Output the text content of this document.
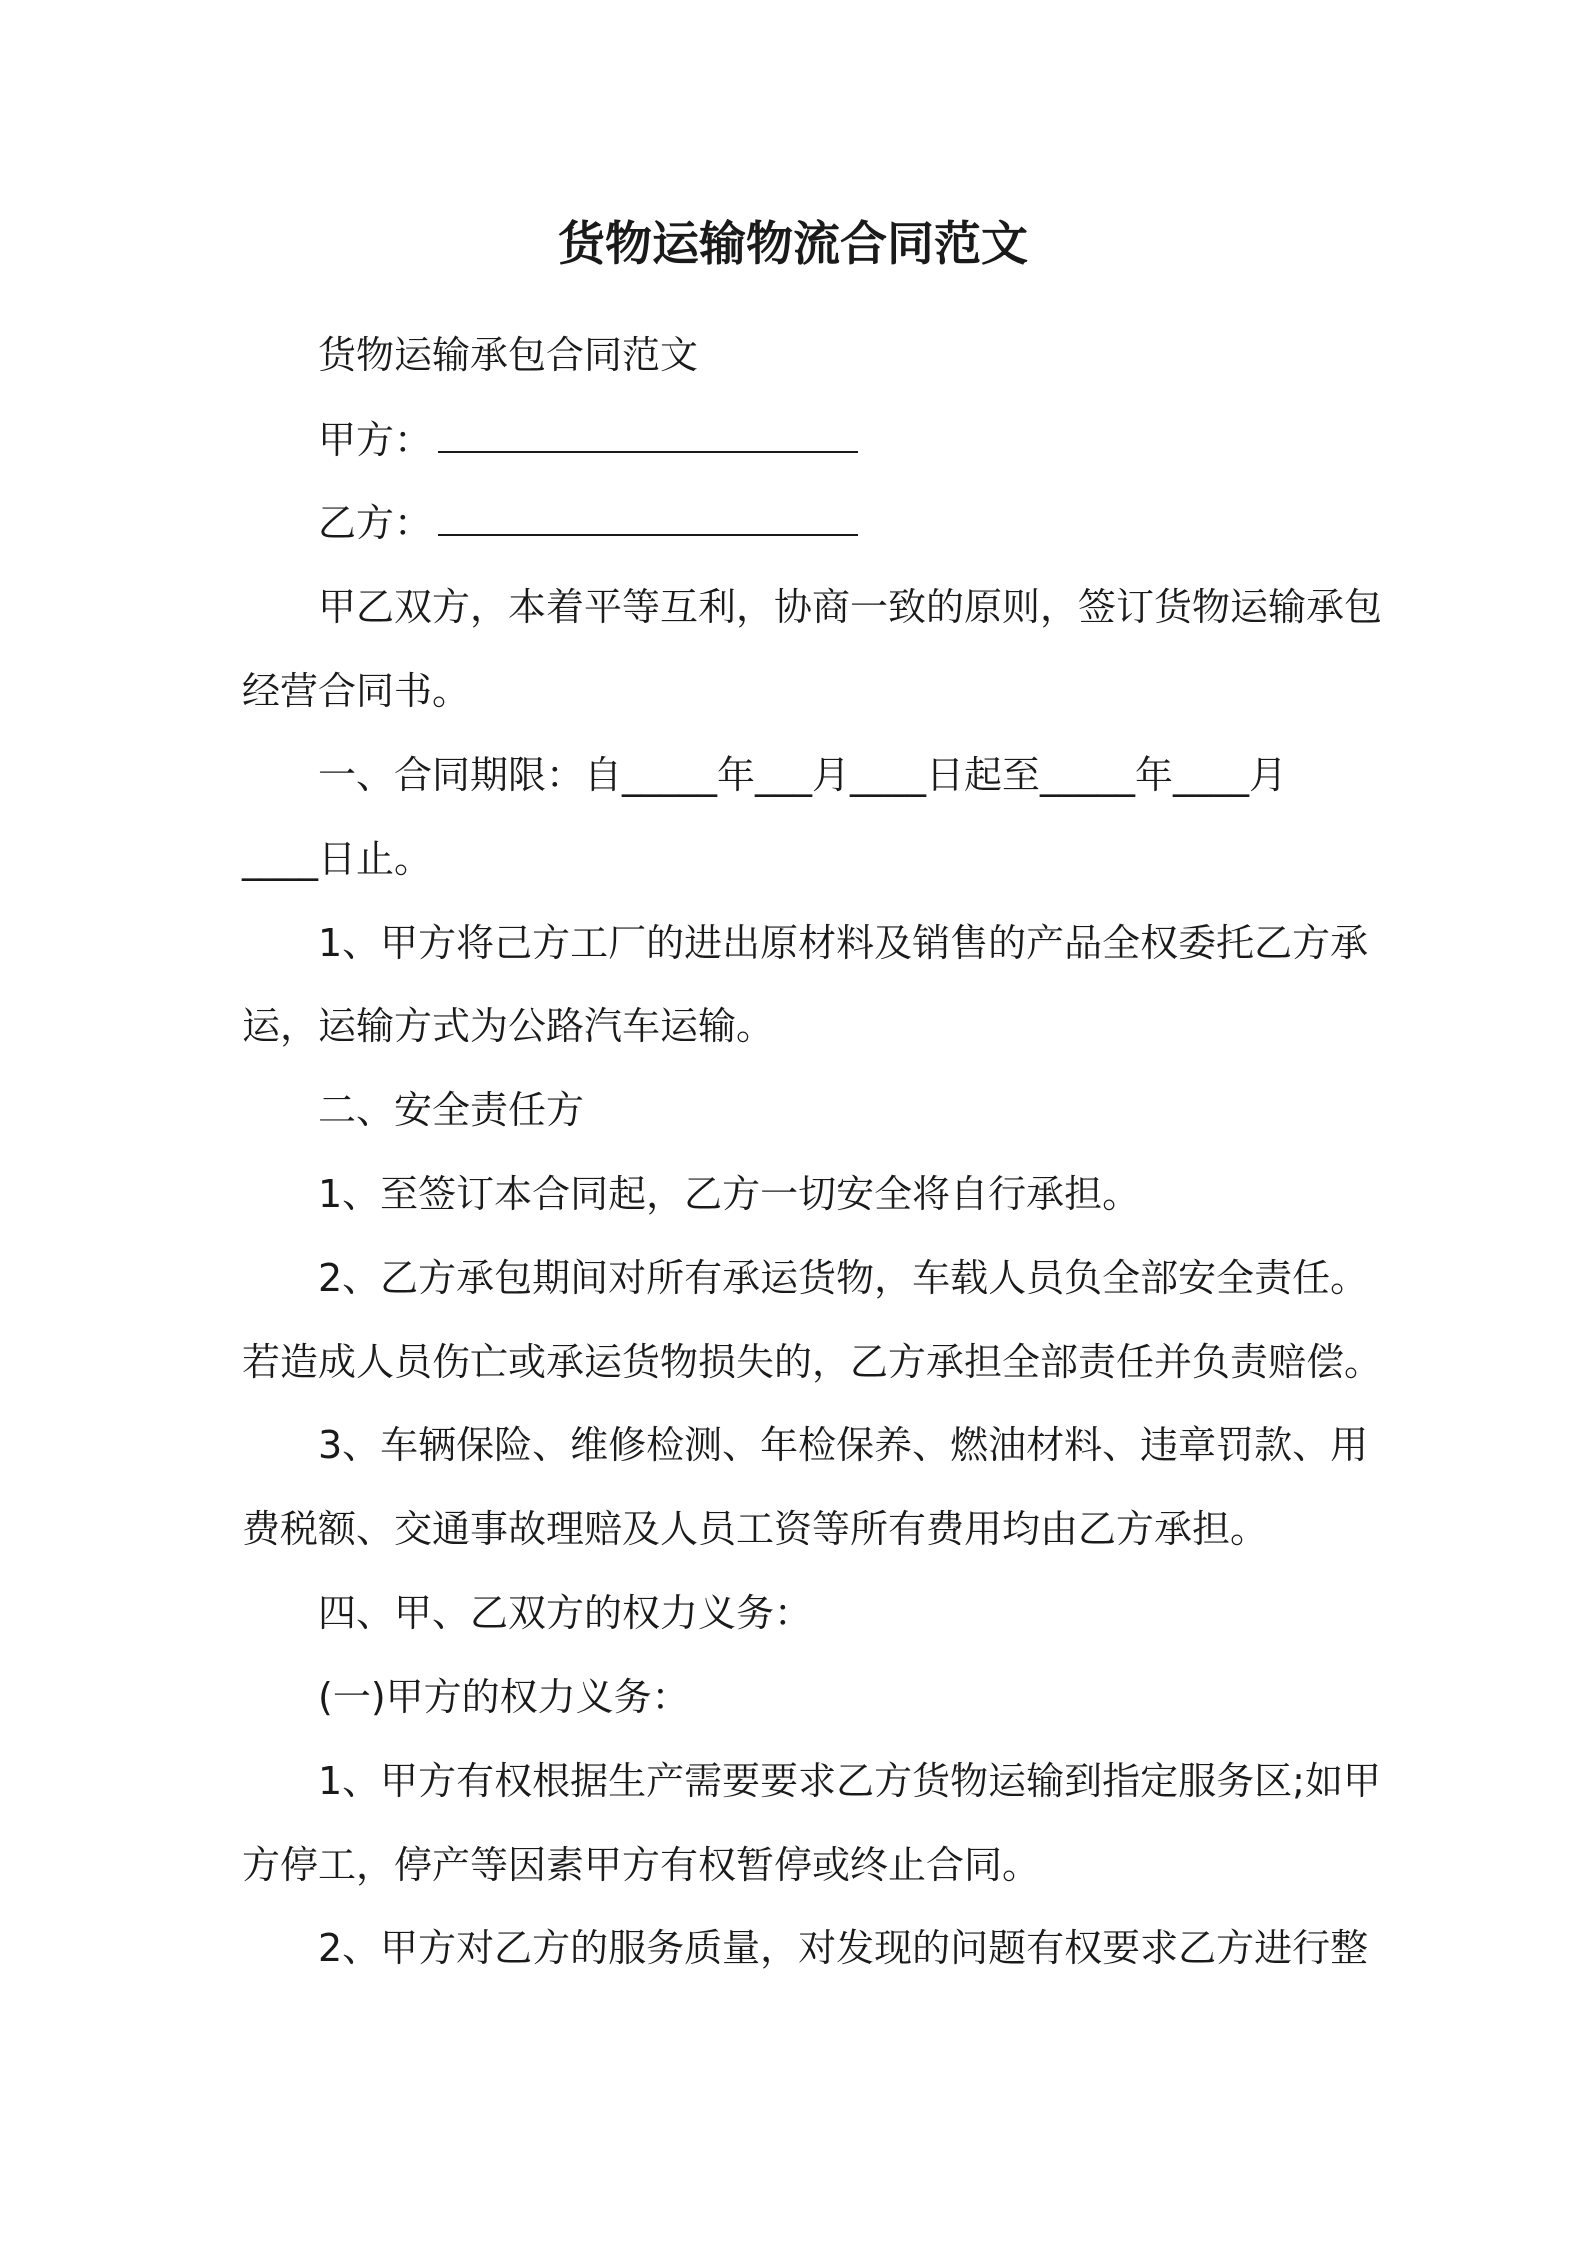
货物运输物流合同范文
货物运输承包合同范文
甲方：
乙方：
甲乙双方，本着平等互利，协商一致的原则，签订货物运输承包
经营合同书。
一、合同期限：自_____年___月____日起至_____年____月
____日止。
1、甲方将己方工厂的进出原材料及销售的产品全权委托乙方承
运，运输方式为公路汽车运输。
二、安全责任方
1、至签订本合同起，乙方一切安全将自行承担。
2、乙方承包期间对所有承运货物，车载人员负全部安全责任。
若造成人员伤亡或承运货物损失的，乙方承担全部责任并负责赔偿。
3、车辆保险、维修检测、年检保养、燃油材料、违章罚款、用
费税额、交通事故理赔及人员工资等所有费用均由乙方承担。
四、甲、乙双方的权力义务：
(一)甲方的权力义务：
1、甲方有权根据生产需要要求乙方货物运输到指定服务区;如甲
方停工，停产等因素甲方有权暂停或终止合同。
2、甲方对乙方的服务质量，对发现的问题有权要求乙方进行整
